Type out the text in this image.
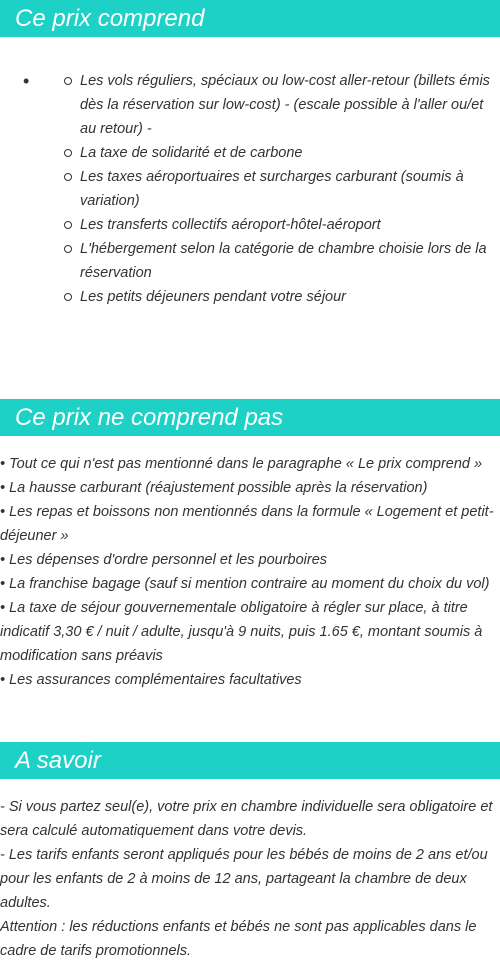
Ce prix comprend
•	Les vols réguliers, spéciaux ou low-cost aller-retour (billets émis dès la réservation sur low-cost) - (escale possible à l'aller ou/et au retour) -
La taxe de solidarité et de carbone
Les taxes aéroportuaires et surcharges carburant (soumis à variation)
Les transferts collectifs aéroport-hôtel-aéroport
L'hébergement selon la catégorie de chambre choisie lors de la réservation
Les petits déjeuners pendant votre séjour
Ce prix ne comprend pas

• Tout ce qui n'est pas mentionné dans le paragraphe « Le prix comprend »

• La hausse carburant (réajustement possible après la réservation)

• Les repas et boissons non mentionnés dans la formule « Logement et petit-déjeuner »

• Les dépenses d'ordre personnel et les pourboires

• La franchise bagage (sauf si mention contraire au moment du choix du vol)

• La taxe de séjour gouvernementale obligatoire à régler sur place, à titre indicatif 3,30 € / nuit / adulte, jusqu'à 9 nuits, puis 1.65 €, montant soumis à modification sans préavis

• Les assurances complémentaires facultatives

A savoir

- Si vous partez seul(e), votre prix en chambre individuelle sera obligatoire et sera calculé automatiquement dans votre devis.

- Les tarifs enfants seront appliqués pour les bébés de moins de 2 ans et/ou pour les enfants de 2 à moins de 12 ans, partageant la chambre de deux adultes.

Attention : les réductions enfants et bébés ne sont pas applicables dans le cadre de tarifs promotionnels.
